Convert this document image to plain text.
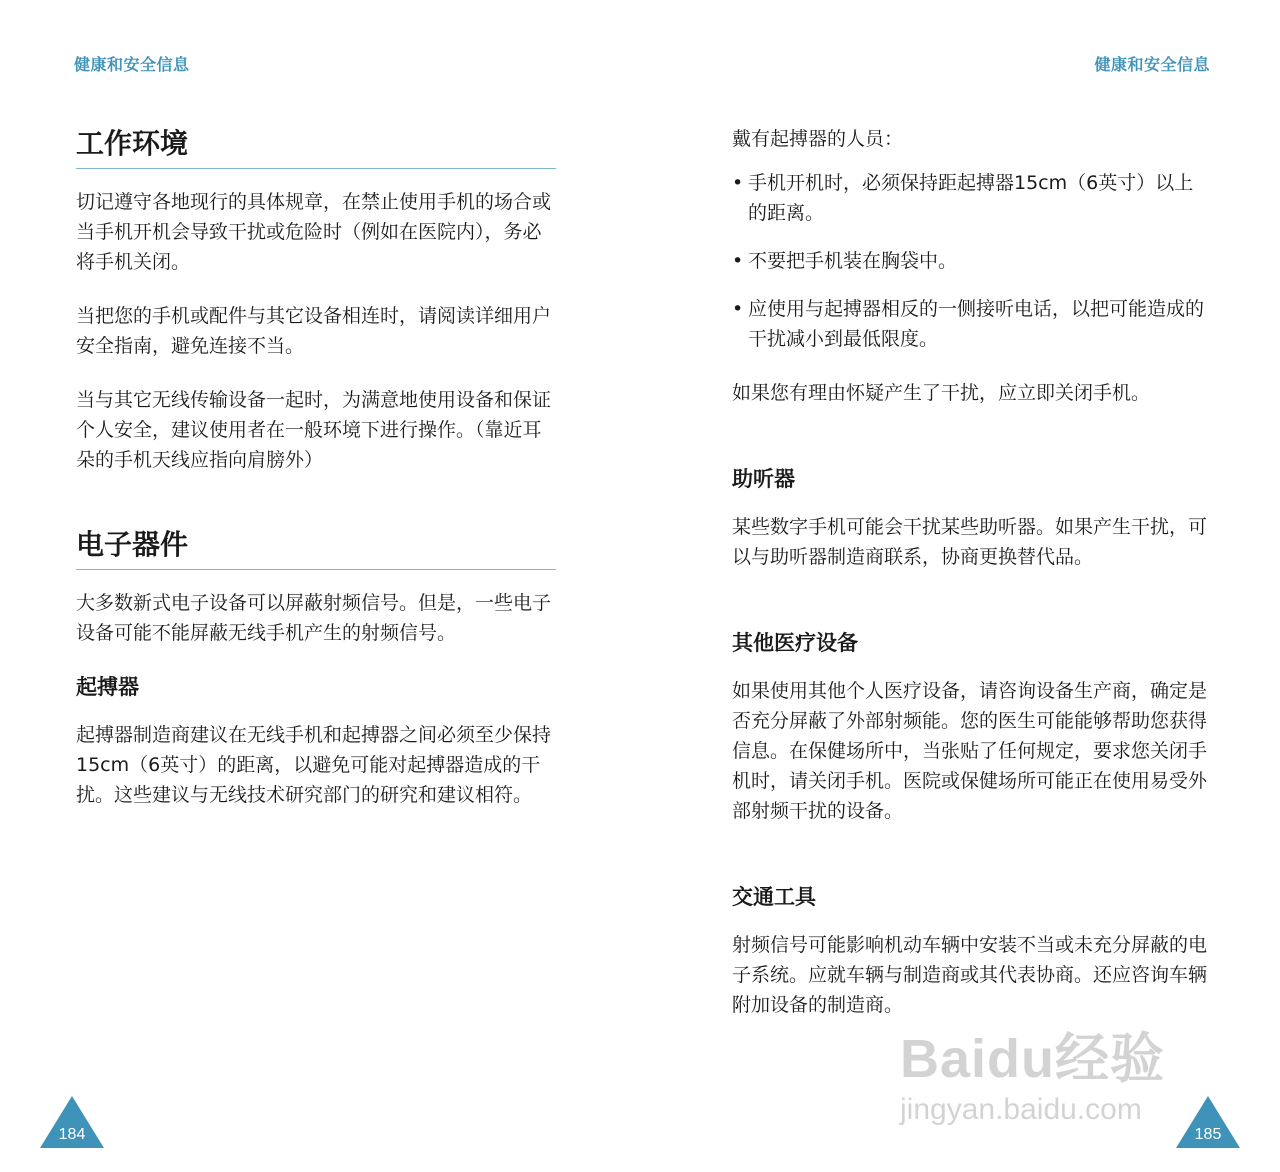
健康和安全信息
工作环境

切记遵守各地现行的具体规章，在禁止使用手机的场合或当手机开机会导致干扰或危险时（例如在医院内），务必将手机关闭。

当把您的手机或配件与其它设备相连时，请阅读详细用户安全指南，避免连接不当。

当与其它无线传输设备一起时，为满意地使用设备和保证个人安全，建议使用者在一般环境下进行操作。（靠近耳朵的手机天线应指向肩膀外）

电子器件

大多数新式电子设备可以屏蔽射频信号。但是，一些电子设备可能不能屏蔽无线手机产生的射频信号。

起搏器

起搏器制造商建议在无线手机和起搏器之间必须至少保持15cm（6英寸）的距离，以避免可能对起搏器造成的干扰。这些建议与无线技术研究部门的研究和建议相符。

184
健康和安全信息

戴有起搏器的人员：

• 手机开机时，必须保持距起搏器15cm（6英寸）以上的距离。
• 不要把手机装在胸袋中。
• 应使用与起搏器相反的一侧接听电话，以把可能造成的干扰减小到最低限度。

如果您有理由怀疑产生了干扰，应立即关闭手机。

助听器

某些数字手机可能会干扰某些助听器。如果产生干扰，可以与助听器制造商联系，协商更换替代品。

其他医疗设备

如果使用其他个人医疗设备，请咨询设备生产商，确定是否充分屏蔽了外部射频能。您的医生可能能够帮助您获得信息。在保健场所中，当张贴了任何规定，要求您关闭手机时，请关闭手机。医院或保健场所可能正在使用易受外部射频干扰的设备。

交通工具

射频信号可能影响机动车辆中安装不当或未充分屏蔽的电子系统。应就车辆与制造商或其代表协商。还应咨询车辆附加设备的制造商。

185
Baidu经验
jingyan.baidu.com
